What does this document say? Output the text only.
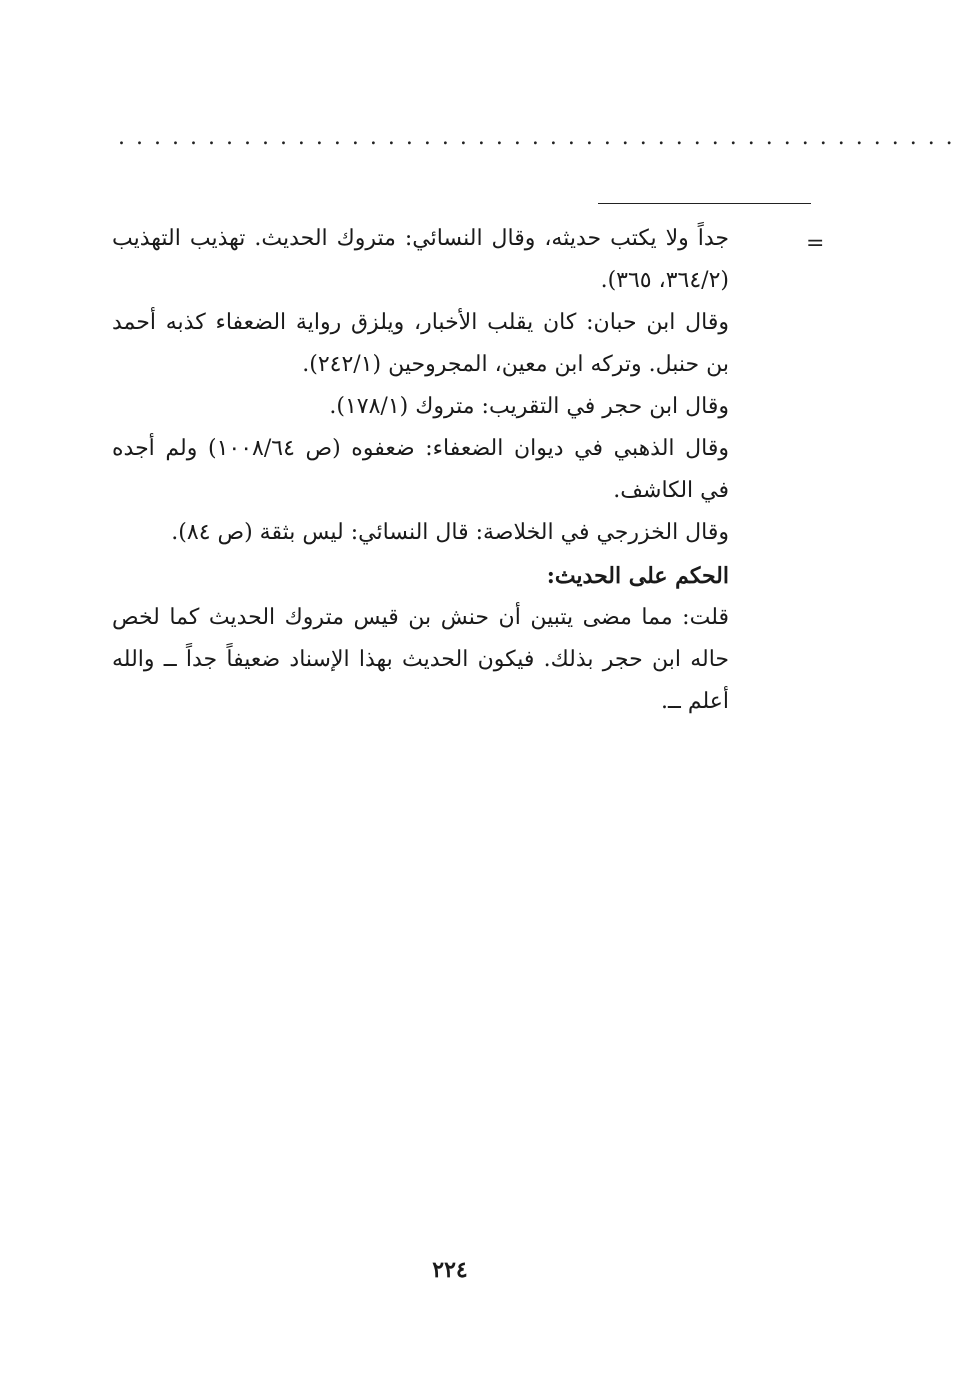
...............................................
=

جداً ولا يكتب حديثه، وقال النسائي: متروك الحديث. تهذيب التهذيب (٣٦٤/٢، ٣٦٥).

وقال ابن حبان: كان يقلب الأخبار، ويلزق رواية الضعفاء كذبه أحمد بن حنبل. وتركه ابن معين، المجروحين (٢٤٢/١).

وقال ابن حجر في التقريب: متروك (١٧٨/١).

وقال الذهبي في ديوان الضعفاء: ضعفوه (ص ١٠٠٨/٦٤) ولم أجده في الكاشف.

وقال الخزرجي في الخلاصة: قال النسائي: ليس بثقة (ص ٨٤).

الحكم على الحديث:

قلت: مما مضى يتبين أن حنش بن قيس متروك الحديث كما لخص حاله ابن حجر بذلك. فيكون الحديث بهذا الإسناد ضعيفاً جداً ــ والله أعلم ــ.

٢٢٤
